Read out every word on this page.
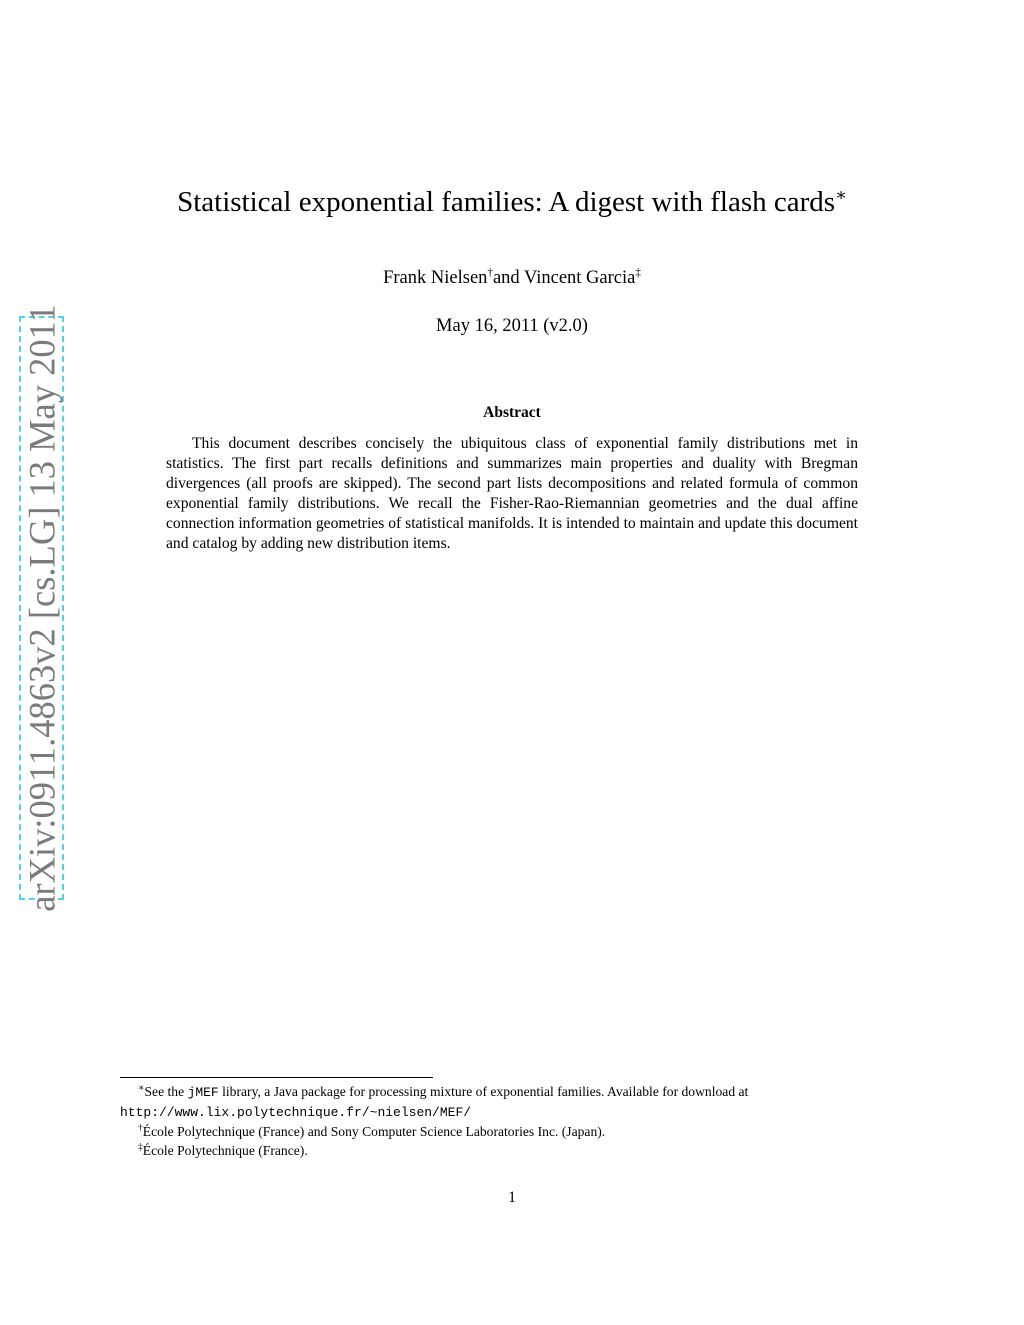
arXiv:0911.4863v2 [cs.LG] 13 May 2011
Statistical exponential families: A digest with flash cards∗
Frank Nielsen†and Vincent Garcia‡
May 16, 2011 (v2.0)
Abstract

This document describes concisely the ubiquitous class of exponential family distributions met in statistics. The first part recalls definitions and summarizes main properties and duality with Bregman divergences (all proofs are skipped). The second part lists decompositions and related formula of common exponential family distributions. We recall the Fisher-Rao-Riemannian geometries and the dual affine connection information geometries of statistical manifolds. It is intended to maintain and update this document and catalog by adding new distribution items.

∗See the jMEF library, a Java package for processing mixture of exponential families. Available for download at http://www.lix.polytechnique.fr/~nielsen/MEF/

†École Polytechnique (France) and Sony Computer Science Laboratories Inc. (Japan).

‡École Polytechnique (France).

1
